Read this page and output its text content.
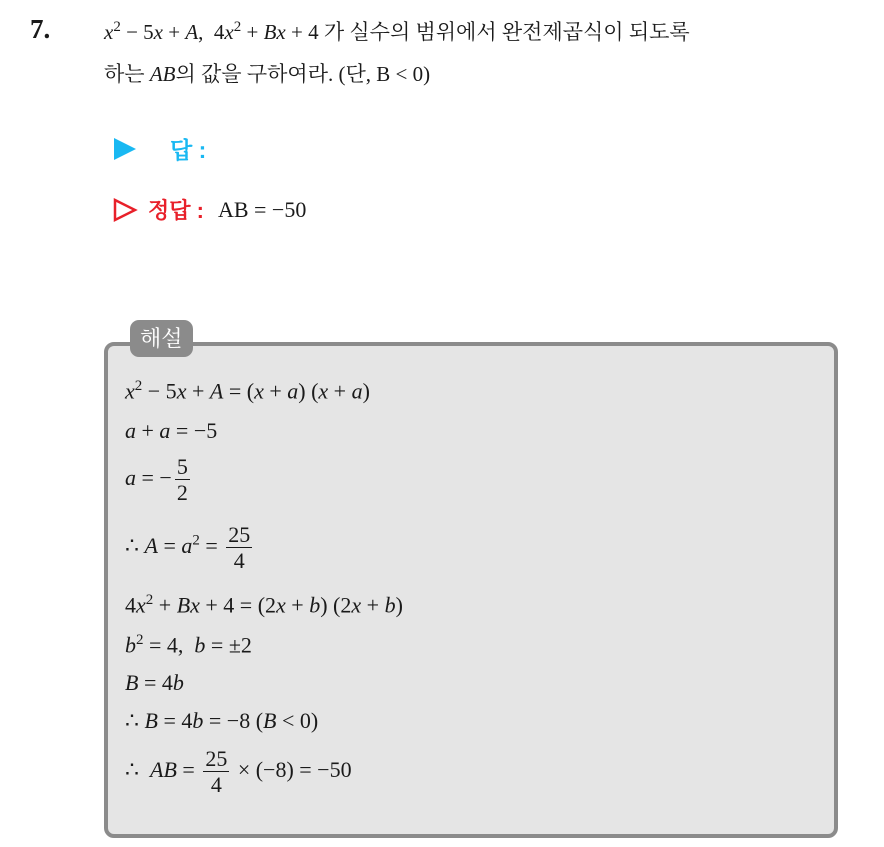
7.	$x^2 - 5x + A$,  $4x^2 + Bx + 4$ 가 실수의 범위에서 완전제곱식이 되도록
하는 AB의 값을 구하여라. (단, B < 0)
답 :
정답 : AB = −50
해설
$x^2 - 5x + A = (x + a) (x + a)$
a + a = −5
a = − $\frac{5}{2}$
∴ $A = a^2 = \frac{25}{4}$
$4x^2 + Bx + 4 = (2x + b) (2x + b)$
$b^2 = 4$,  b = ±2
B = 4b
∴ B = 4b = −8 (B < 0)
∴  AB = $\frac{25}{4} \times (-8) = -50$
